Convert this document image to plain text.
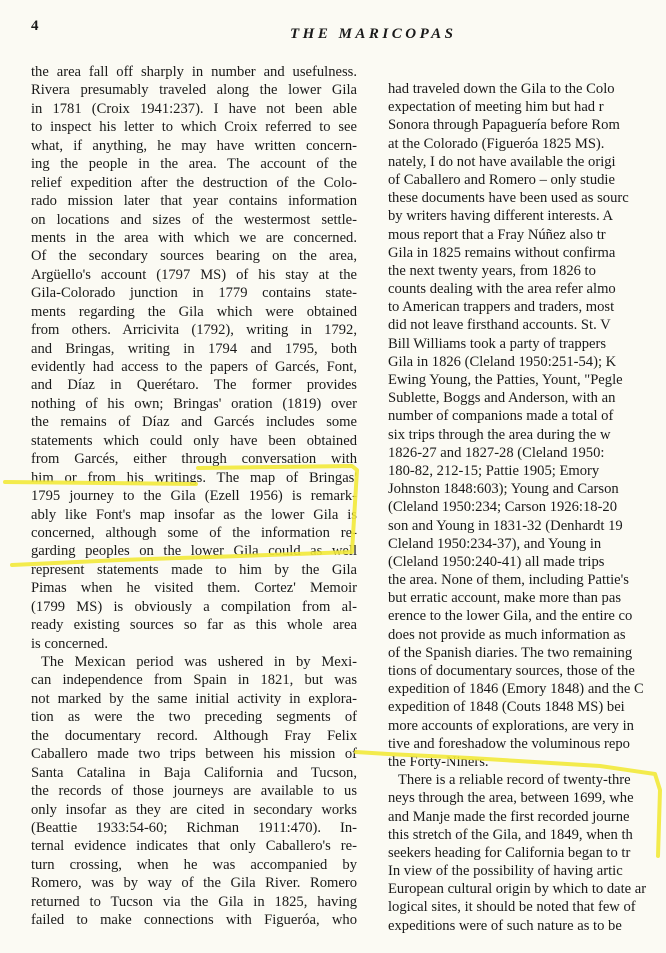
4	THE MARICOPAS
the area fall off sharply in number and usefulness.
Rivera presumably traveled along the lower Gila
in 1781 (Croix 1941:237). I have not been able
to inspect his letter to which Croix referred to see
what, if anything, he may have written concern-
ing the people in the area. The account of the
relief expedition after the destruction of the Colo-
rado mission later that year contains information
on locations and sizes of the westermost settle-
ments in the area with which we are concerned.
Of the secondary sources bearing on the area,
Argüello's account (1797 MS) of his stay at the
Gila-Colorado junction in 1779 contains state-
ments regarding the Gila which were obtained
from others. Arricivita (1792), writing in 1792,
and Bringas, writing in 1794 and 1795, both
evidently had access to the papers of Garcés, Font,
and Díaz in Querétaro. The former provides
nothing of his own; Bringas' oration (1819) over
the remains of Díaz and Garcés includes some
statements which could only have been obtained
from Garcés, either through conversation with
him or from his writings. The map of Bringas'
1795 journey to the Gila (Ezell 1956) is remark-
ably like Font's map insofar as the lower Gila is
concerned, although some of the information re-
garding peoples on the lower Gila could as well
represent statements made to him by the Gila
Pimas when he visited them. Cortez' Memoir
(1799 MS) is obviously a compilation from al-
ready existing sources so far as this whole area
is concerned.
The Mexican period was ushered in by Mexi-
can independence from Spain in 1821, but was
not marked by the same initial activity in explora-
tion as were the two preceding segments of
the documentary record. Although Fray Felix
Caballero made two trips between his mission of
Santa Catalina in Baja California and Tucson,
the records of those journeys are available to us
only insofar as they are cited in secondary works
(Beattie 1933:54-60; Richman 1911:470). In-
ternal evidence indicates that only Caballero's re-
turn crossing, when he was accompanied by
Romero, was by way of the Gila River. Romero
returned to Tucson via the Gila in 1825, having
failed to make connections with Figueróa, who
had traveled down the Gila to the Colo
expectation of meeting him but had r
Sonora through Papaguería before Rom
at the Colorado (Figueróa 1825 MS).
nately, I do not have available the origi
of Caballero and Romero – only studie
these documents have been used as sourc
by writers having different interests. A
mous report that a Fray Núñez also tr
Gila in 1825 remains without confirma
the next twenty years, from 1826 to
counts dealing with the area refer almo
to American trappers and traders, most
did not leave firsthand accounts. St. V
Bill Williams took a party of trappers
Gila in 1826 (Cleland 1950:251-54); K
Ewing Young, the Patties, Yount, "Pegle
Sublette, Boggs and Anderson, with an
number of companions made a total of
six trips through the area during the w
1826-27 and 1827-28 (Cleland 1950:
180-82, 212-15; Pattie 1905; Emory
Johnston 1848:603); Young and Carson
(Cleland 1950:234; Carson 1926:18-20
son and Young in 1831-32 (Denhardt 19
Cleland 1950:234-37), and Young in
(Cleland 1950:240-41) all made trips
the area. None of them, including Pattie's
but erratic account, make more than pas
erence to the lower Gila, and the entire co
does not provide as much information as
of the Spanish diaries. The two remaining
tions of documentary sources, those of the
expedition of 1846 (Emory 1848) and the C
expedition of 1848 (Couts 1848 MS) bei
more accounts of explorations, are very in
tive and foreshadow the voluminous repo
the Forty-Niners.
There is a reliable record of twenty-thre
neys through the area, between 1699, whe
and Manje made the first recorded journe
this stretch of the Gila, and 1849, when th
seekers heading for California began to tr
In view of the possibility of having artic
European cultural origin by which to date ar
logical sites, it should be noted that few of
expeditions were of such nature as to be
